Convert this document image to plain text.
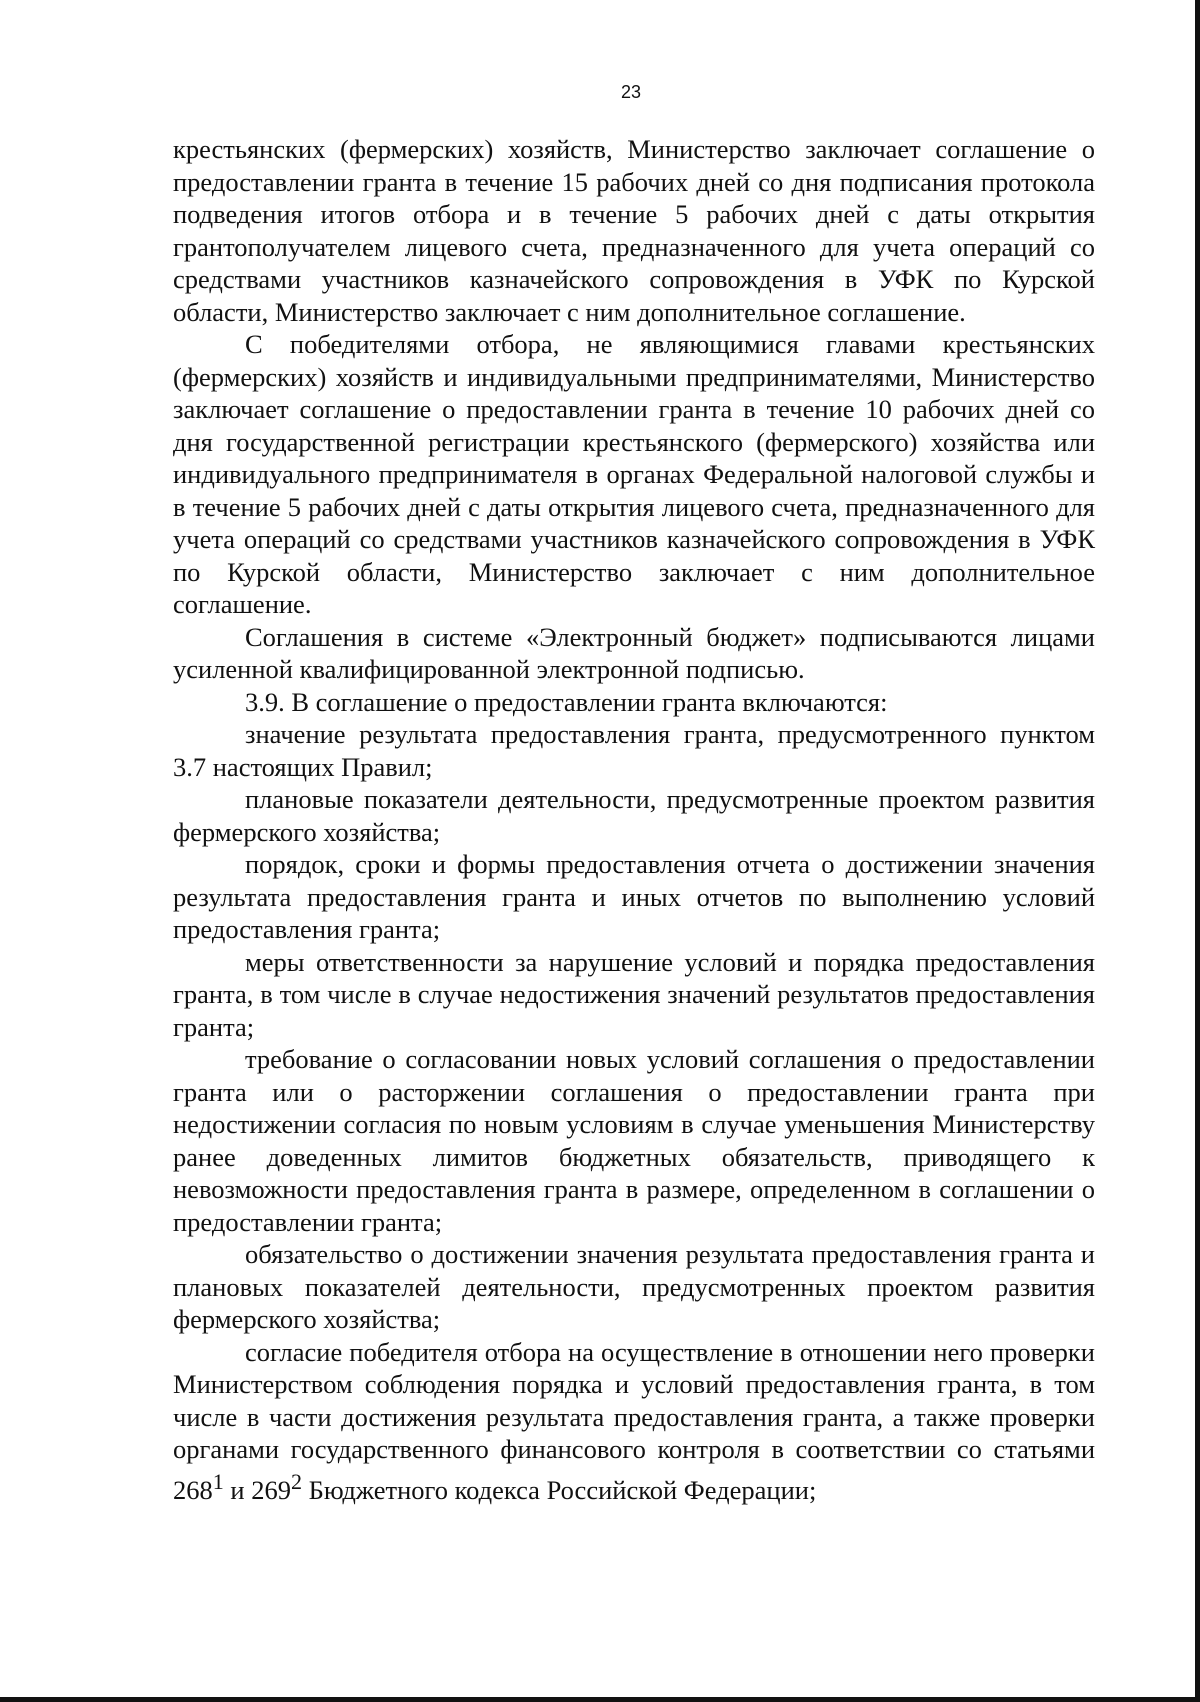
23

крестьянских (фермерских) хозяйств, Министерство заключает соглашение о предоставлении гранта в течение 15 рабочих дней со дня подписания протокола подведения итогов отбора и в течение 5 рабочих дней с даты открытия грантополучателем лицевого счета, предназначенного для учета операций со средствами участников казначейского сопровождения в УФК по Курской области, Министерство заключает с ним дополнительное соглашение.

С победителями отбора, не являющимися главами крестьянских (фермерских) хозяйств и индивидуальными предпринимателями, Министерство заключает соглашение о предоставлении гранта в течение 10 рабочих дней со дня государственной регистрации крестьянского (фермерского) хозяйства или индивидуального предпринимателя в органах Федеральной налоговой службы и в течение 5 рабочих дней с даты открытия лицевого счета, предназначенного для учета операций со средствами участников казначейского сопровождения в УФК по Курской области, Министерство заключает с ним дополнительное соглашение.

Соглашения в системе «Электронный бюджет» подписываются лицами усиленной квалифицированной электронной подписью.

3.9. В соглашение о предоставлении гранта включаются:

значение результата предоставления гранта, предусмотренного пунктом 3.7 настоящих Правил;

плановые показатели деятельности, предусмотренные проектом развития фермерского хозяйства;

порядок, сроки и формы предоставления отчета о достижении значения результата предоставления гранта и иных отчетов по выполнению условий предоставления гранта;

меры ответственности за нарушение условий и порядка предоставления гранта, в том числе в случае недостижения значений результатов предоставления гранта;

требование о согласовании новых условий соглашения о предоставлении гранта или о расторжении соглашения о предоставлении гранта при недостижении согласия по новым условиям в случае уменьшения Министерству ранее доведенных лимитов бюджетных обязательств, приводящего к невозможности предоставления гранта в размере, определенном в соглашении о предоставлении гранта;

обязательство о достижении значения результата предоставления гранта и плановых показателей деятельности, предусмотренных проектом развития фермерского хозяйства;

согласие победителя отбора на осуществление в отношении него проверки Министерством соблюдения порядка и условий предоставления гранта, в том числе в части достижения результата предоставления гранта, а также проверки органами государственного финансового контроля в соответствии со статьями $268^1$ и $269^2$ Бюджетного кодекса Российской Федерации;
